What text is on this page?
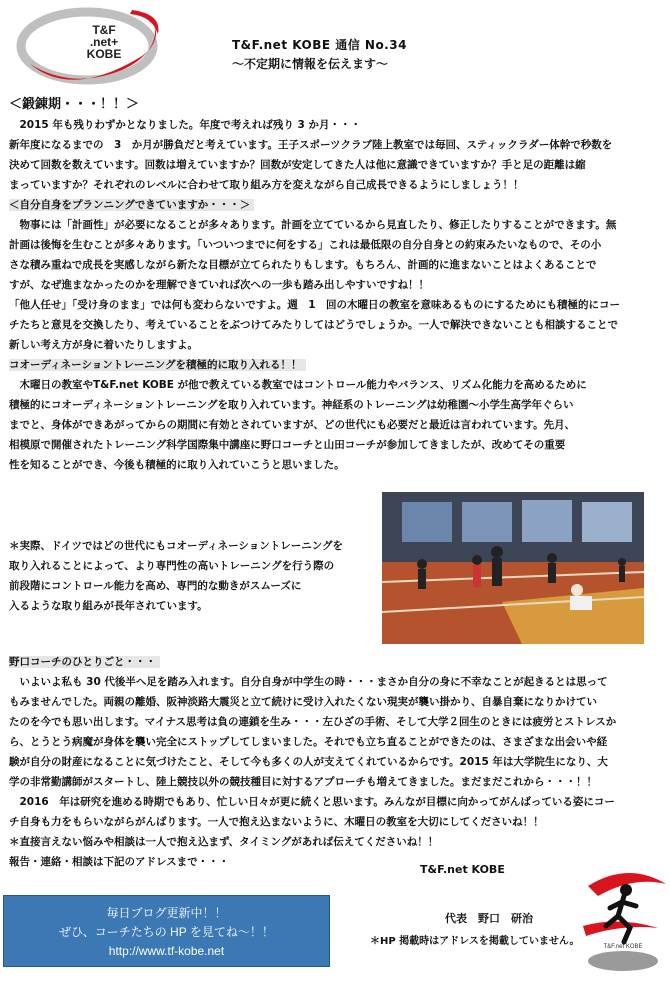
T&F
.net+
KOBE
T&F.net KOBE 通信 No.34
～不定期に情報を伝えます～
＜鍛錬期・・・！！＞
　2015 年も残りわずかとなりました。年度で考えれば残り 3 か月・・・
新年度になるまでの　3　か月が勝負だと考えています。王子スポーツクラブ陸上教室では毎回、スティックラダー体幹で秒数を
決めて回数を数えています。回数は増えていますか？回数が安定してきた人は他に意識できていますか？手と足の距離は縮
まっていますか？それぞれのレベルに合わせて取り組み方を変えながら自己成長できるようにしましょう！！
＜自分自身をプランニングできていますか・・・＞
　物事には「計画性」が必要になることが多々あります。計画を立てているから見直したり、修正したりすることができます。無
計画は後悔を生むことが多々あります。「いついつまでに何をする」これは最低限の自分自身との約束みたいなもので、その小
さな積み重ねで成長を実感しながら新たな目標が立てられたりもします。もちろん、計画的に進まないことはよくあることで
すが、なぜ進まなかったのかを理解できていれば次への一歩も踏み出しやすいですね！！
「他人任せ」「受け身のまま」では何も変わらないですよ。週　1　回の木曜日の教室を意味あるものにするためにも積極的にコー
チたちと意見を交換したり、考えていることをぶつけてみたりしてはどうでしょうか。一人で解決できないことも相談することで
新しい考え方が身に着いたりしますよ。
コオーディネーショントレーニングを積極的に取り入れる！！
　木曜日の教室やT&F.net KOBE が他で教えている教室ではコントロール能力やバランス、リズム化能力を高めるために
積極的にコオーディネーショントレーニングを取り入れています。神経系のトレーニングは幼稚園～小学生高学年ぐらい
までと、身体ができあがってからの期間に有効とされていますが、どの世代にも必要だと最近は言われています。先月、
相模原で開催されたトレーニング科学国際集中講座に野口コーチと山田コーチが参加してきましたが、改めてその重要
性を知ることができ、今後も積極的に取り入れていこうと思いました。
＊実際、ドイツではどの世代にもコオーディネーショントレーニングを
取り入れることによって、より専門性の高いトレーニングを行う際の
前段階にコントロール能力を高め、専門的な動きがスムーズに
入るような取り組みが長年されています。
野口コーチのひとりごと・・・
　いよいよ私も 30 代後半へ足を踏み入れます。自分自身が中学生の時・・・まさか自分の身に不幸なことが起きるとは思って
もみませんでした。両親の離婚、阪神淡路大震災と立て続けに受け入れたくない現実が襲い掛かり、自暴自棄になりかけてい
たのを今でも思い出します。マイナス思考は負の連鎖を生み・・・左ひざの手術、そして大学２回生のときには疲労とストレスか
ら、とうとう病魔が身体を襲い完全にストップしてしまいました。それでも立ち直ることができたのは、さまざまな出会いや経
験が自分の財産になることに気づけたこと、そして今も多くの人が支えてくれているからです。2015 年は大学院生になり、大
学の非常勤講師がスタートし、陸上競技以外の競技種目に対するアプローチも増えてきました。まだまだこれから・・・！！
　2016　年は研究を進める時期でもあり、忙しい日々が更に続くと思います。みんなが目標に向かってがんばっている姿にコー
チ自身も力をもらいながらがんばります。一人で抱え込まないように、木曜日の教室を大切にしてくださいね！！
＊直接言えない悩みや相談は一人で抱え込まず、タイミングがあれば伝えてくださいね！！
報告・連絡・相談は下記のアドレスまで・・・
毎日ブログ更新中！！
ぜひ、コーチたちの HP を見てね～！！
http://www.tf-kobe.net
T&F.net KOBE
代表　野口　研治
＊HP 掲載時はアドレスを掲載していません。	T&F.net KOBE
